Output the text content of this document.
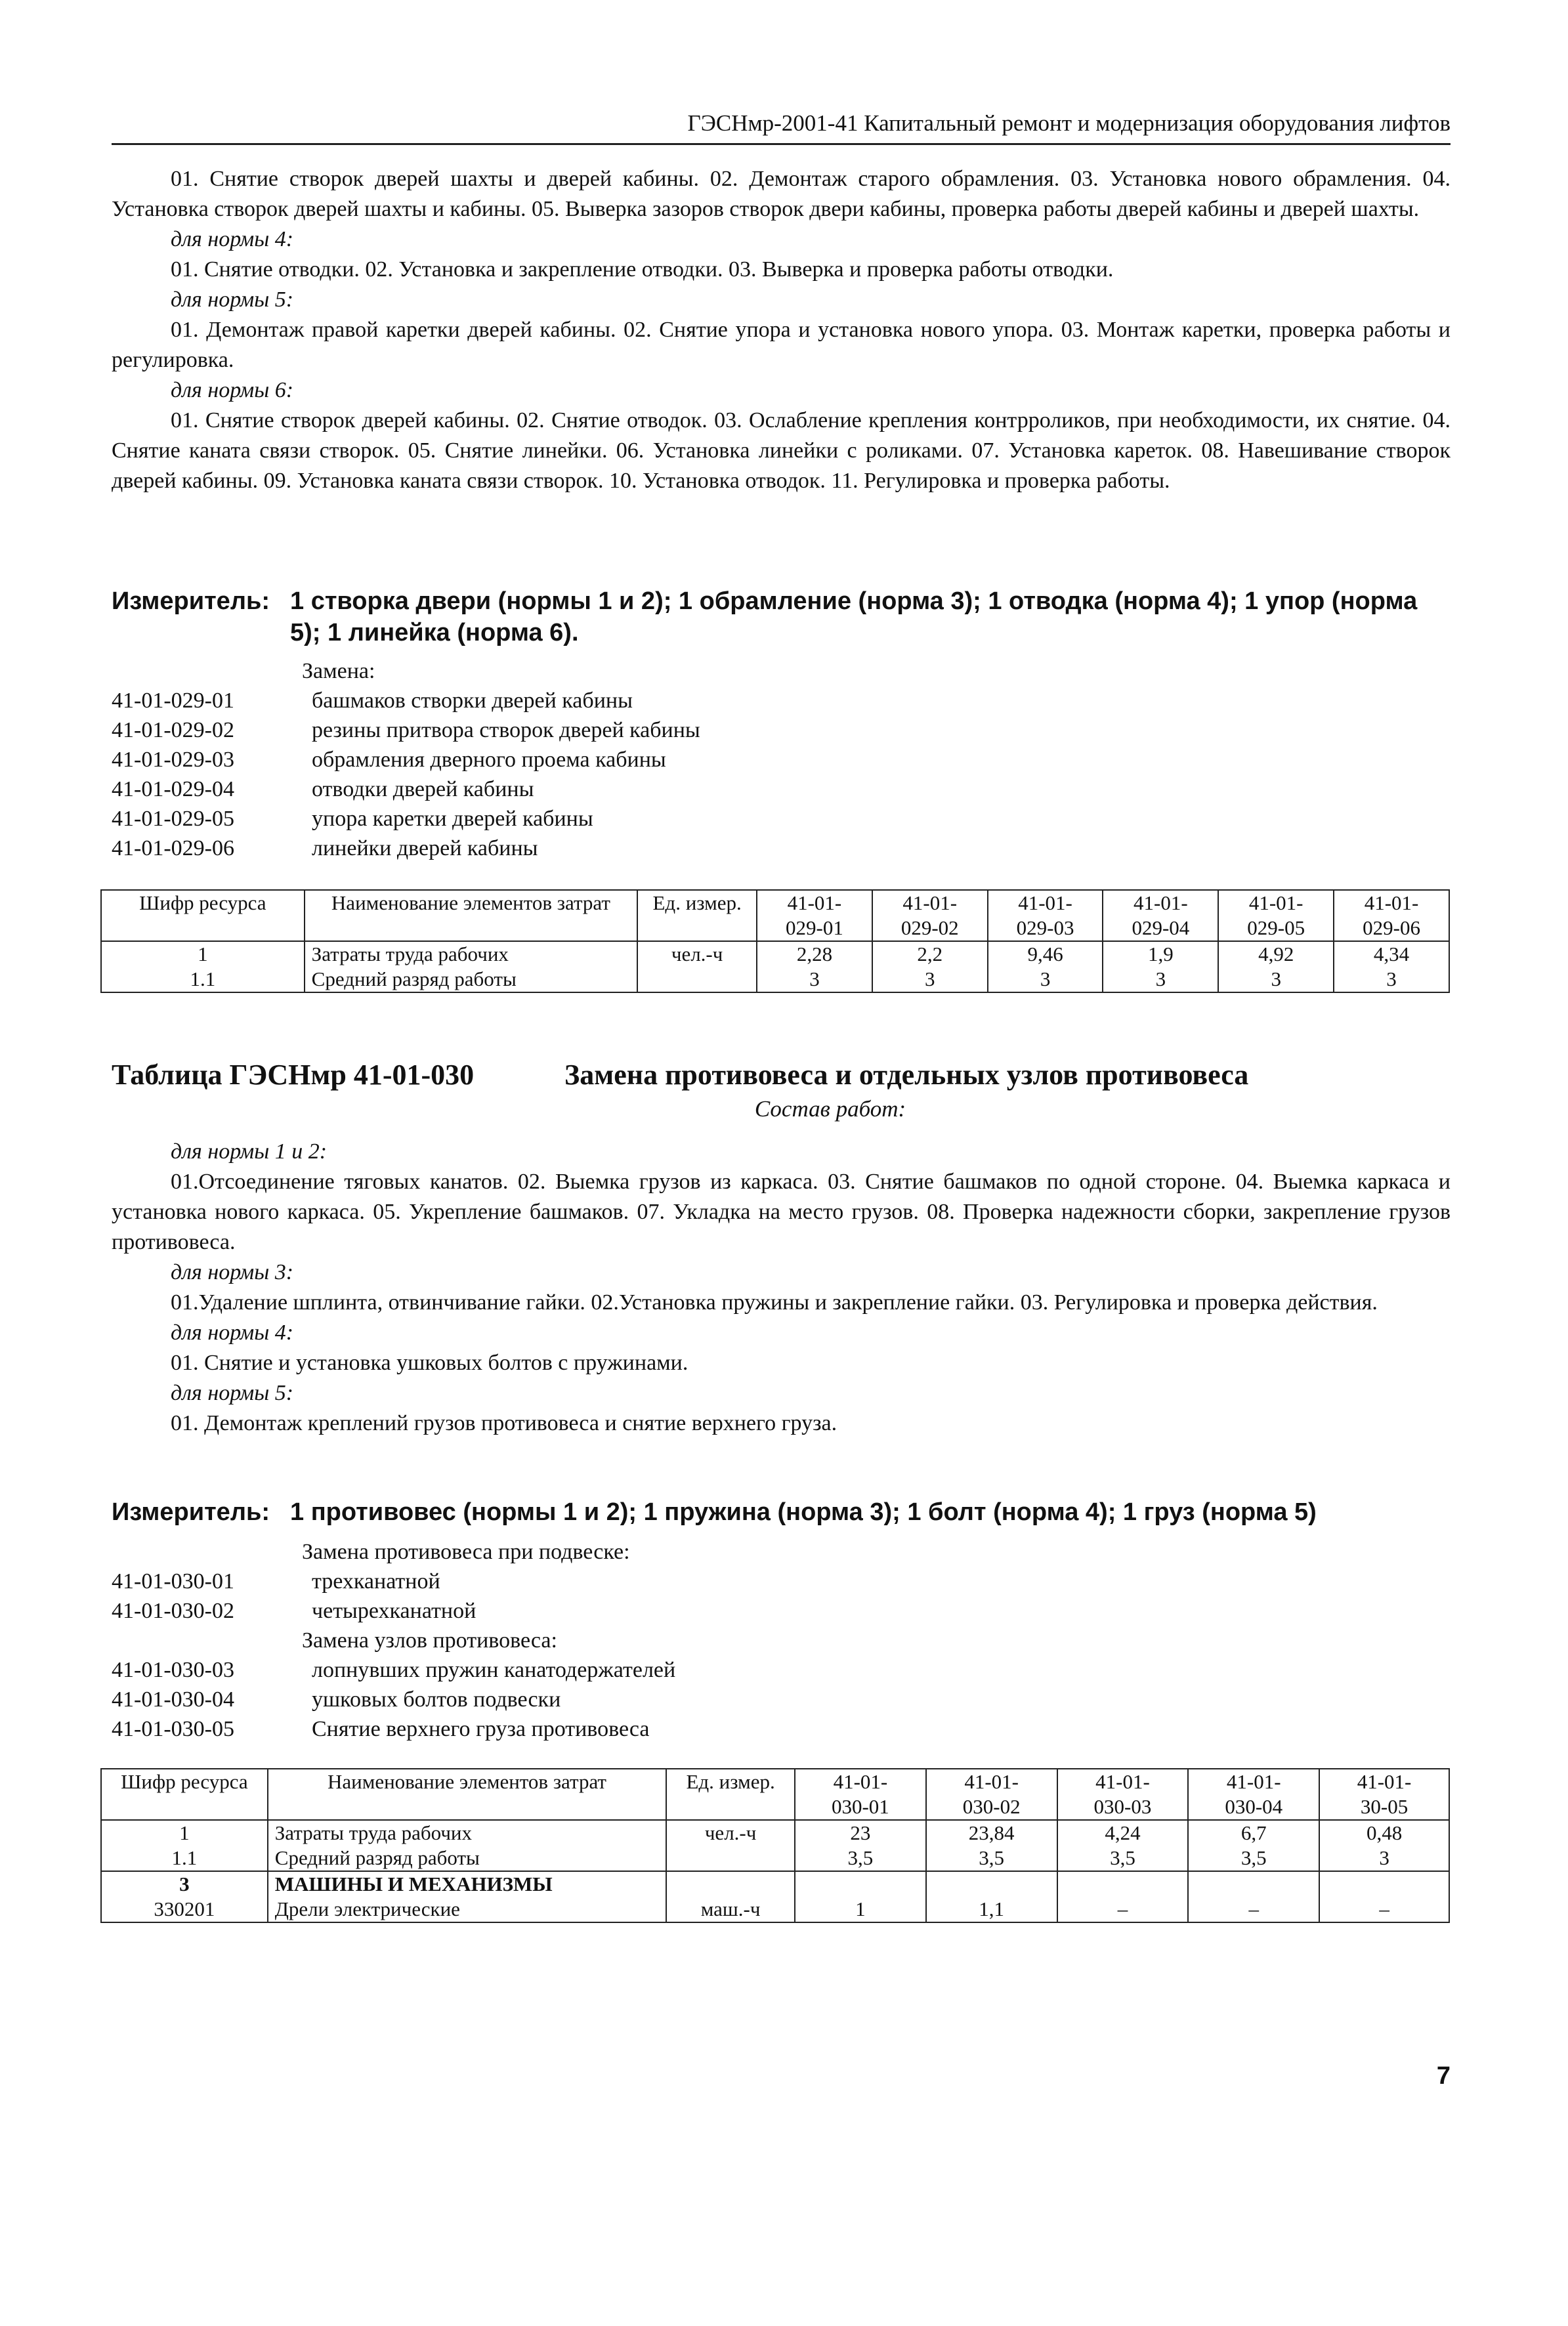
ГЭСНмр-2001-41 Капитальный ремонт и модернизация оборудования лифтов

01. Снятие створок дверей шахты и дверей кабины. 02. Демонтаж старого обрамления. 03. Установка нового обрамления. 04. Установка створок дверей шахты и кабины. 05. Выверка зазоров створок двери кабины, проверка работы дверей кабины и дверей шахты.

для нормы 4:

01. Снятие отводки. 02. Установка и закрепление отводки. 03. Выверка и проверка работы отводки.

для нормы 5:

01. Демонтаж правой каретки дверей кабины. 02. Снятие упора и установка нового упора. 03. Монтаж каретки, проверка работы и регулировка.

для нормы 6:

01. Снятие створок дверей кабины. 02. Снятие отводок. 03. Ослабление крепления контрроликов, при необходимости, их снятие. 04. Снятие каната связи створок. 05. Снятие линейки. 06. Установка линейки с роликами. 07. Установка кареток. 08. Навешивание створок дверей кабины. 09. Установка каната связи створок. 10. Установка отводок. 11. Регулировка и проверка работы.

Измеритель: 1 створка двери (нормы 1 и 2); 1 обрамление (норма 3); 1 отводка (норма 4); 1 упор (норма 5); 1 линейка (норма 6).
Замена:
41-01-029-01	башмаков створки дверей кабины
41-01-029-02	резины притвора створок дверей кабины
41-01-029-03	обрамления дверного проема кабины
41-01-029-04	отводки дверей кабины
41-01-029-05	упора каретки дверей кабины
41-01-029-06	линейки дверей кабины
Шифр ресурса	Наименование элементов затрат	Ед. измер.	41-01-	41-01-	41-01-	41-01-	41-01-	41-01-
			029-01	029-02	029-03	029-04	029-05	029-06
1	Затраты труда рабочих	чел.-ч	2,28	2,2	9,46	1,9	4,92	4,34
1.1	Средний разряд работы		3	3	3	3	3	3
Таблица ГЭСНмр 41-01-030	Замена противовеса и отдельных узлов противовеса
Состав работ:

для нормы 1 и 2:

01.Отсоединение тяговых канатов. 02. Выемка грузов из каркаса. 03. Снятие башмаков по одной стороне. 04. Выемка каркаса и установка нового каркаса. 05. Укрепление башмаков. 07. Укладка на место грузов. 08. Проверка надежности сборки, закрепление грузов противовеса.

для нормы 3:

01.Удаление шплинта, отвинчивание гайки. 02.Установка пружины и закрепление гайки. 03. Регулировка и проверка действия.

для нормы 4:

01. Снятие и установка ушковых болтов с пружинами.

для нормы 5:

01. Демонтаж креплений грузов противовеса и снятие верхнего груза.

Измеритель: 1 противовес (нормы 1 и 2); 1 пружина (норма 3); 1 болт (норма 4); 1 груз (норма 5)
Замена противовеса при подвеске:
41-01-030-01	трехканатной
41-01-030-02	четырехканатной
Замена узлов противовеса:
41-01-030-03	лопнувших пружин канатодержателей
41-01-030-04	ушковых болтов подвески
41-01-030-05	Снятие верхнего груза противовеса
Шифр ресурса	Наименование элементов затрат	Ед. измер.	41-01-	41-01-	41-01-	41-01-	41-01-
			030-01	030-02	030-03	030-04	30-05
1	Затраты труда рабочих	чел.-ч	23	23,84	4,24	6,7	0,48
1.1	Средний разряд работы		3,5	3,5	3,5	3,5	3
3	МАШИНЫ И МЕХАНИЗМЫ						
330201	Дрели электрические	маш.-ч	1	1,1	–	–	–
7
